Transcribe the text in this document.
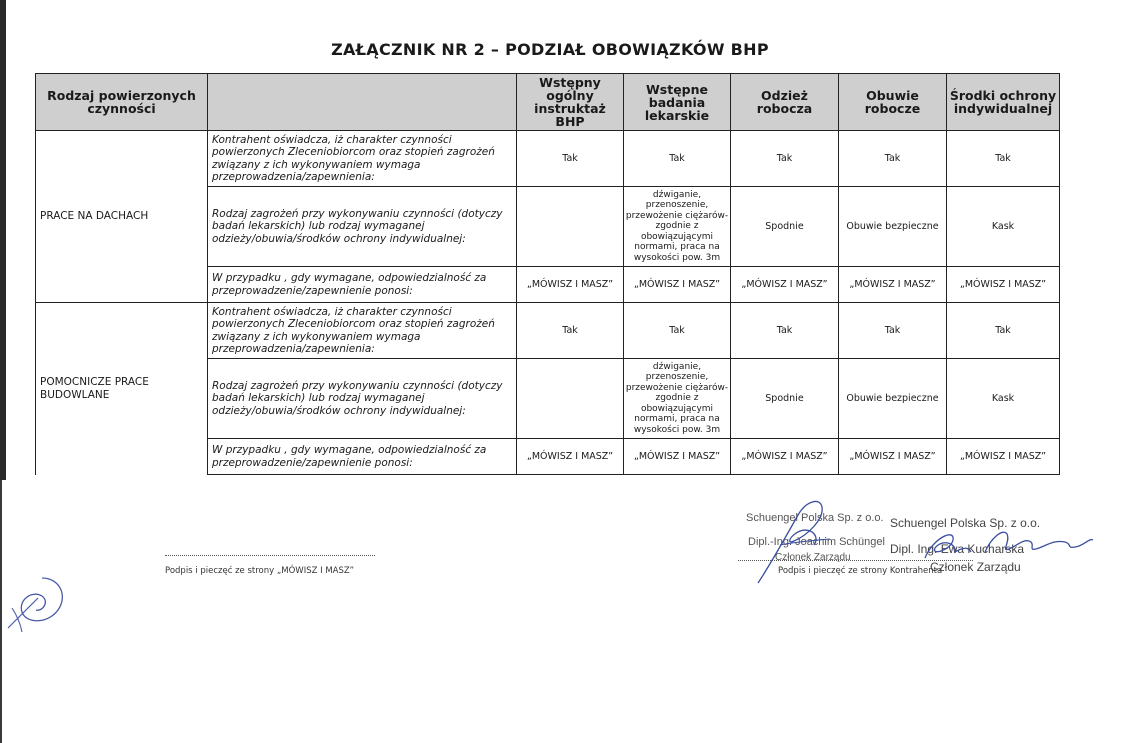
ZAŁĄCZNIK NR 2 – PODZIAŁ OBOWIĄZKÓW BHP
Rodzaj powierzonych czynności		Wstępny ogólny instruktaż BHP	Wstępne badania lekarskie	Odzież robocza	Obuwie robocze	Środki ochrony indywidualnej
PRACE NA DACHACH	Kontrahent oświadcza, iż charakter czynności powierzonych Zleceniobiorcom oraz stopień zagrożeń związany z ich wykonywaniem wymaga przeprowadzenia/zapewnienia:	Tak	Tak	Tak	Tak	Tak
	Rodzaj zagrożeń przy wykonywaniu czynności (dotyczy badań lekarskich) lub rodzaj wymaganej odzieży/obuwia/środków ochrony indywidualnej:		dźwiganie, przenoszenie, przewożenie ciężarów-zgodnie z obowiązującymi normami, praca na wysokości pow. 3m	Spodnie	Obuwie bezpieczne	Kask
	W przypadku , gdy wymagane, odpowiedzialność za przeprowadzenie/zapewnienie ponosi:	„MÓWISZ I MASZ”	„MÓWISZ I MASZ”	„MÓWISZ I MASZ”	„MÓWISZ I MASZ”	„MÓWISZ I MASZ”
POMOCNICZE PRACE BUDOWLANE	Kontrahent oświadcza, iż charakter czynności powierzonych Zleceniobiorcom oraz stopień zagrożeń związany z ich wykonywaniem wymaga przeprowadzenia/zapewnienia:	Tak	Tak	Tak	Tak	Tak
	Rodzaj zagrożeń przy wykonywaniu czynności (dotyczy badań lekarskich) lub rodzaj wymaganej odzieży/obuwia/środków ochrony indywidualnej:		dźwiganie, przenoszenie, przewożenie ciężarów-zgodnie z obowiązującymi normami, praca na wysokości pow. 3m	Spodnie	Obuwie bezpieczne	Kask
	W przypadku , gdy wymagane, odpowiedzialność za przeprowadzenie/zapewnienie ponosi:	„MÓWISZ I MASZ”	„MÓWISZ I MASZ”	„MÓWISZ I MASZ”	„MÓWISZ I MASZ”	„MÓWISZ I MASZ”
Podpis i pieczęć ze strony „MÓWISZ I MASZ”
Schuengel Polska Sp. z o.o.
Dipl.-Ing. Joachim Schüngel
Członek Zarządu
Schuengel Polska Sp. z o.o.
Dipl. Ing. Ewa Kucharska
Członek Zarządu
Podpis i pieczęć ze strony Kontrahenta
